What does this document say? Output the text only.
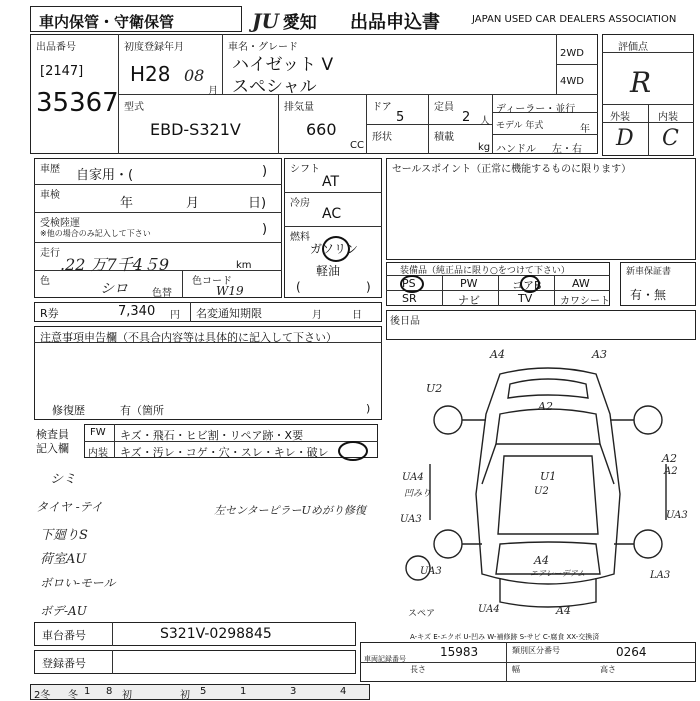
車内保管・守衛保管	JU 愛知 出品申込書	JAPAN USED CAR DEALERS ASSOCIATION
出品番号
[2147]
35367
初度登録年月
H28 08
月
車名・グレード
ハイゼット V
スペシャル
2WD
4WD
型式
EBD-S321V
排気量
660
CC
ドア
5
定員
2 人
形状	積載
kg
ディーラー・並行
モデル 年式	年
ハンドル 左・右
評価点
R
外装	内装
D C
車歴 自家用・(	)
車検
年	月	日)
受検陸運
※他の場合のみ記入して下さい	)
走行
.22 万7千4５9	km
色	シロ 色替
色コード
W19
シフト
AT
冷房
AC
燃料
ガソリン
軽油
(	)
セールスポイント（正常に機能するものに限ります）
装備品（純正品に限り○をつけて下さい）
PS	PW	コアB	AW
SR	ナビ	TV	カワシート
新車保証書
有・無
R券	7,340 円 名変通知期限	月	日
後日品
注意事項申告欄（不具合内容等は具体的に記入して下さい）
修復歴	有（箇所	)
検査員 記入欄
FW キズ・飛石・ヒビ割・リペア跡・X要
内装 キズ・汚レ・コゲ・穴・スレ・キレ・破レ
シミ
タイヤ -テイ
下廻りS
荷室AU
ボロい-モール
ボデ-AU
左センターピラーUめがり修復
A4	A3
A2
U2
A2
U1
UA4
凹みり
UA3
A2
UA3
A4
エアレーデアム
UA3	LA3
UA4	A4
スペア
U2
A-キズ E-エクボ U-凹み W-補修跡 S-サビ C-腐食 XX-交換済
車台番号	S321V-0298845
登録番号	車両記録番号	15983	類別区分番号	0264
長さ	幅	高さ
2冬 冬 1 8 初	初 5	1	3	4
